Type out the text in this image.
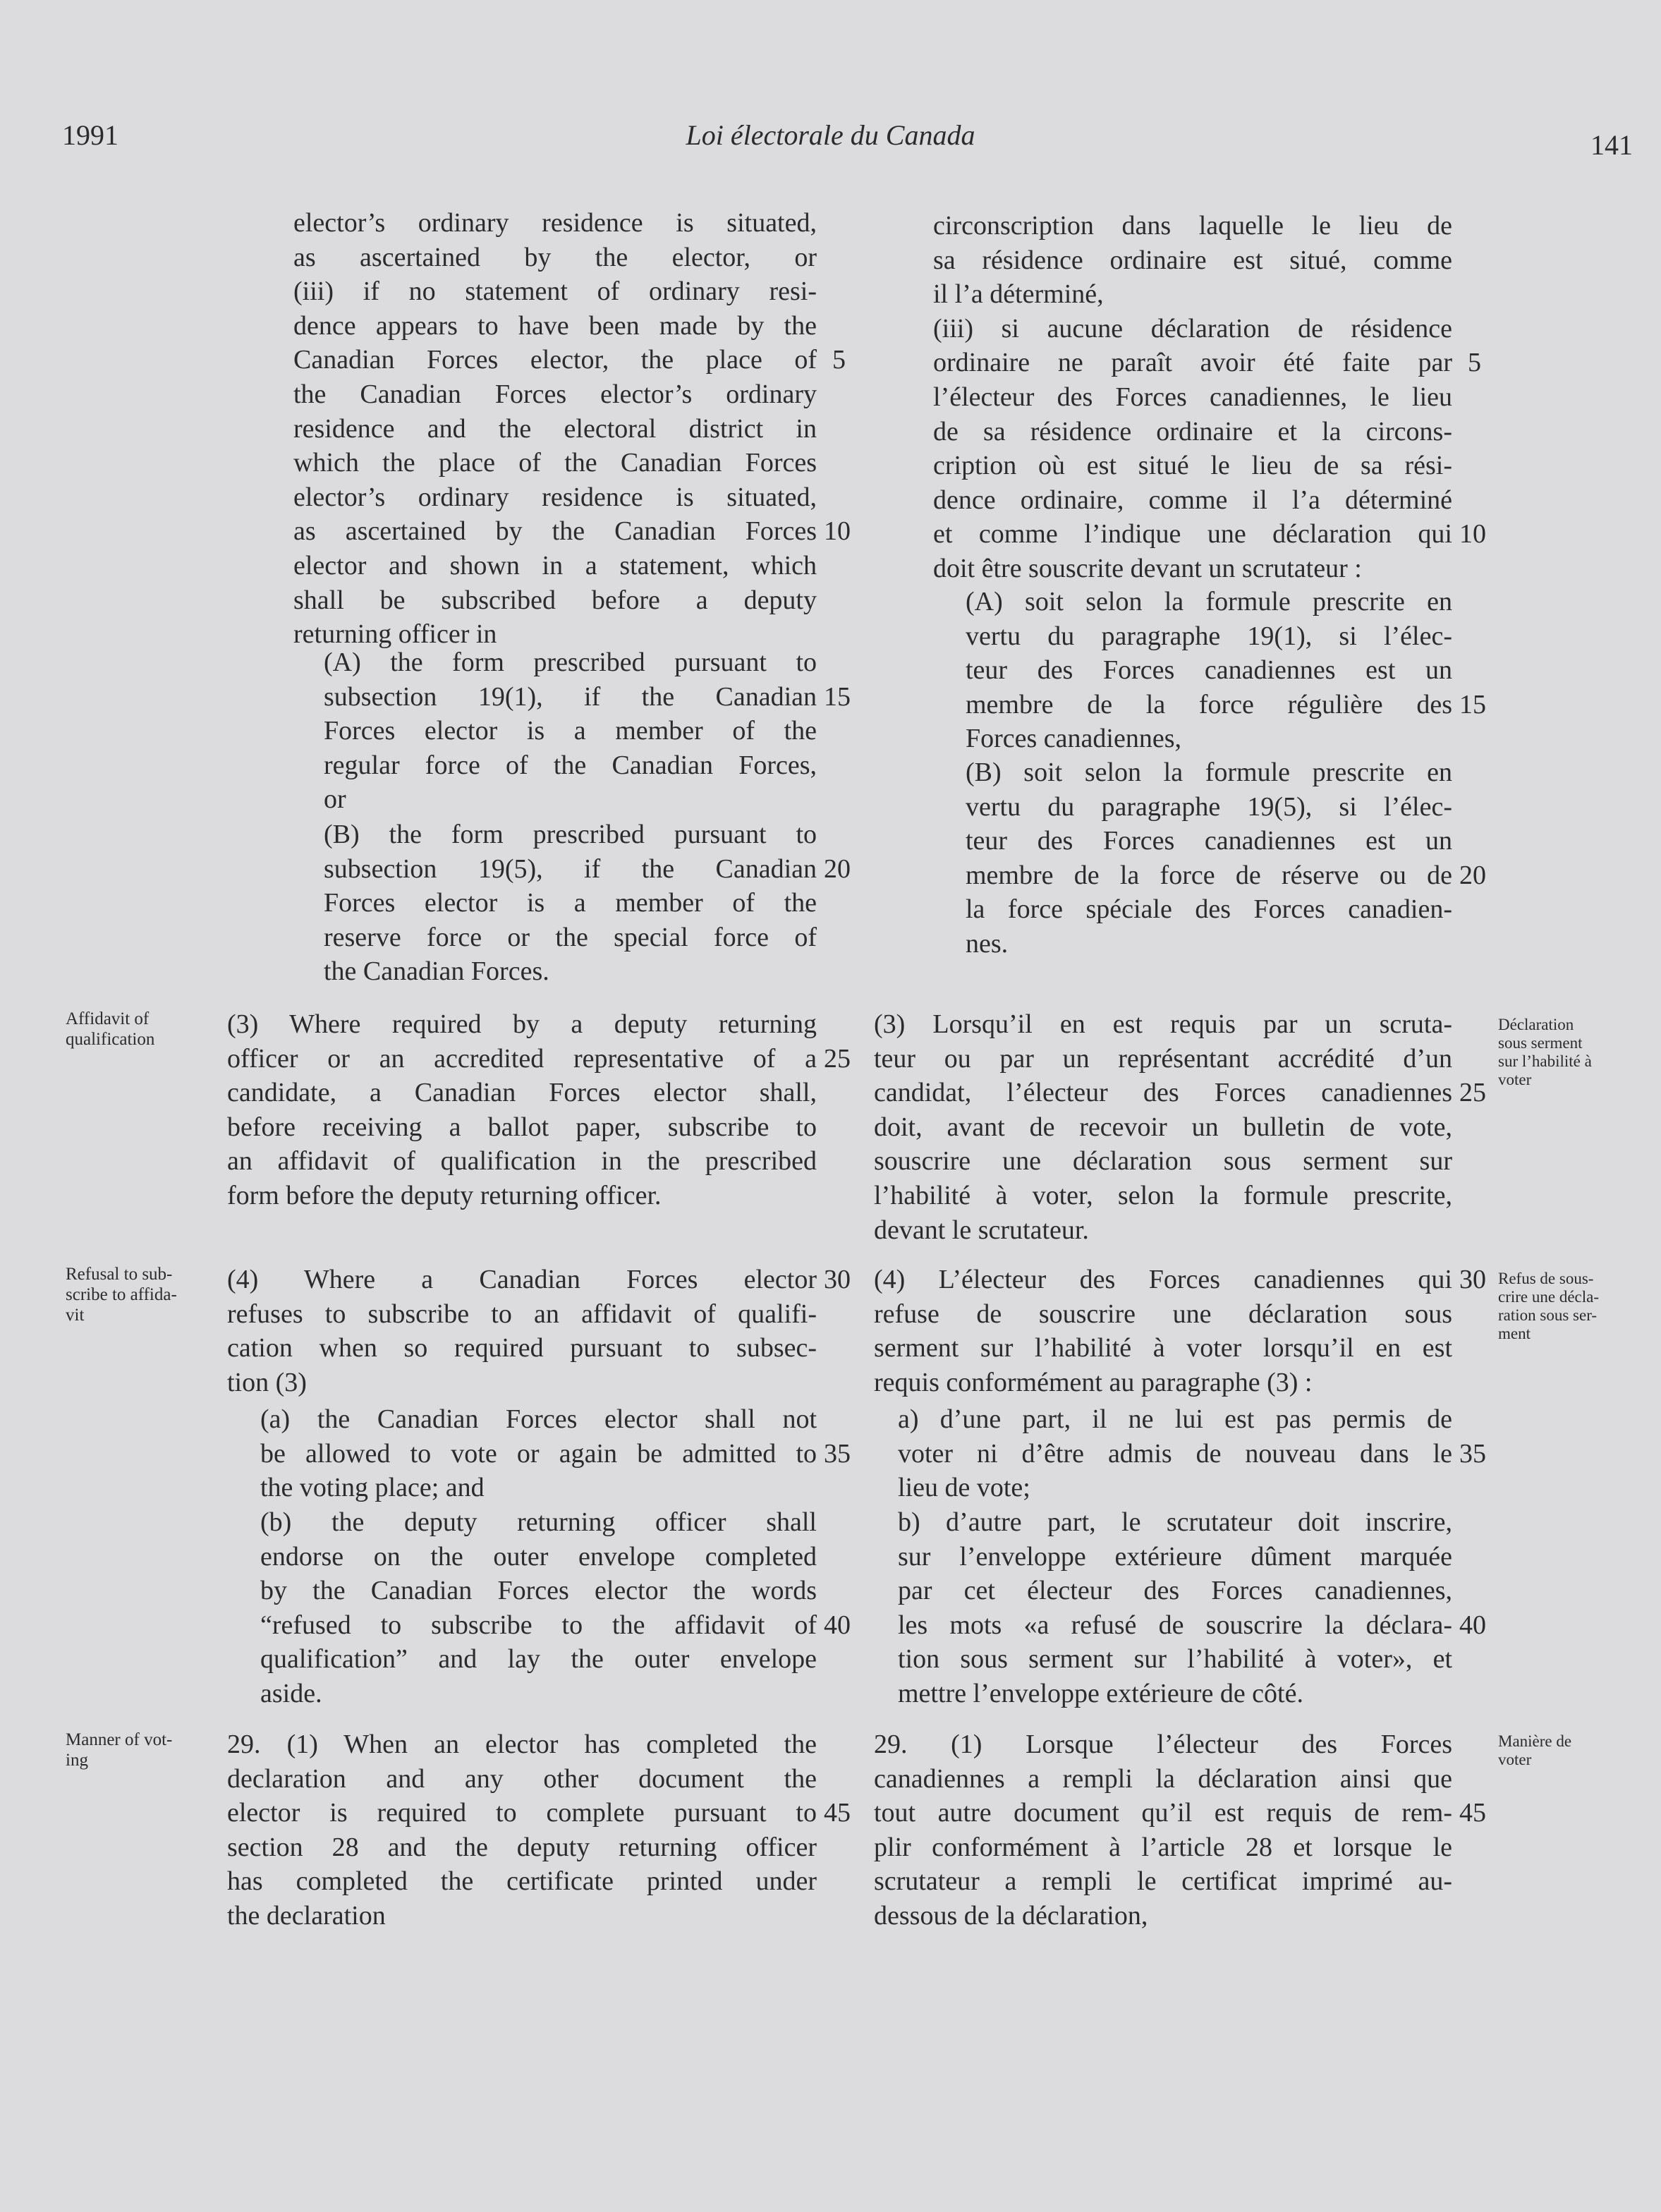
1991	Loi électorale du Canada	141
elector’s ordinary residence is situated,
as ascertained by the elector, or
(iii) if no statement of ordinary resi-
dence appears to have been made by the
Canadian Forces elector, the place of 5
the Canadian Forces elector’s ordinary
residence and the electoral district in
which the place of the Canadian Forces
elector’s ordinary residence is situated,
as ascertained by the Canadian Forces 10
elector and shown in a statement, which
shall be subscribed before a deputy
returning officer in
(A) the form prescribed pursuant to
subsection 19(1), if the Canadian 15
Forces elector is a member of the
regular force of the Canadian Forces,
or
(B) the form prescribed pursuant to
subsection 19(5), if the Canadian 20
Forces elector is a member of the
reserve force or the special force of
the Canadian Forces.
(3) Where required by a deputy returning
officer or an accredited representative of a 25
candidate, a Canadian Forces elector shall,
before receiving a ballot paper, subscribe to
an affidavit of qualification in the prescribed
form before the deputy returning officer.
(4) Where a Canadian Forces elector 30
refuses to subscribe to an affidavit of qualifi-
cation when so required pursuant to subsec-
tion (3)
(a) the Canadian Forces elector shall not
be allowed to vote or again be admitted to 35
the voting place; and
(b) the deputy returning officer shall
endorse on the outer envelope completed
by the Canadian Forces elector the words
“refused to subscribe to the affidavit of 40
qualification” and lay the outer envelope
aside.
29. (1) When an elector has completed the
declaration and any other document the
elector is required to complete pursuant to 45
section 28 and the deputy returning officer
has completed the certificate printed under
the declaration
circonscription dans laquelle le lieu de
sa résidence ordinaire est situé, comme
il l’a déterminé,
(iii) si aucune déclaration de résidence
ordinaire ne paraît avoir été faite par 5
l’électeur des Forces canadiennes, le lieu
de sa résidence ordinaire et la circons-
cription où est situé le lieu de sa rési-
dence ordinaire, comme il l’a déterminé
et comme l’indique une déclaration qui 10
doit être souscrite devant un scrutateur :
(A) soit selon la formule prescrite en
vertu du paragraphe 19(1), si l’élec-
teur des Forces canadiennes est un
membre de la force régulière des 15
Forces canadiennes,
(B) soit selon la formule prescrite en
vertu du paragraphe 19(5), si l’élec-
teur des Forces canadiennes est un
membre de la force de réserve ou de 20
la force spéciale des Forces canadien-
nes.
(3) Lorsqu’il en est requis par un scruta-
teur ou par un représentant accrédité d’un
candidat, l’électeur des Forces canadiennes 25
doit, avant de recevoir un bulletin de vote,
souscrire une déclaration sous serment sur
l’habilité à voter, selon la formule prescrite,
devant le scrutateur.
(4) L’électeur des Forces canadiennes qui 30
refuse de souscrire une déclaration sous
serment sur l’habilité à voter lorsqu’il en est
requis conformément au paragraphe (3) :
a) d’une part, il ne lui est pas permis de
voter ni d’être admis de nouveau dans le 35
lieu de vote;
b) d’autre part, le scrutateur doit inscrire,
sur l’enveloppe extérieure dûment marquée
par cet électeur des Forces canadiennes,
les mots «a refusé de souscrire la déclara- 40
tion sous serment sur l’habilité à voter», et
mettre l’enveloppe extérieure de côté.
29. (1) Lorsque l’électeur des Forces
canadiennes a rempli la déclaration ainsi que
tout autre document qu’il est requis de rem- 45
plir conformément à l’article 28 et lorsque le
scrutateur a rempli le certificat imprimé au-
dessous de la déclaration,
Affidavit of
qualification
Refusal to sub-
scribe to affida-
vit
Manner of vot-
ing
Déclaration
sous serment
sur l’habilité à
voter
Refus de sous-
crire une décla-
ration sous ser-
ment
Manière de
voter
